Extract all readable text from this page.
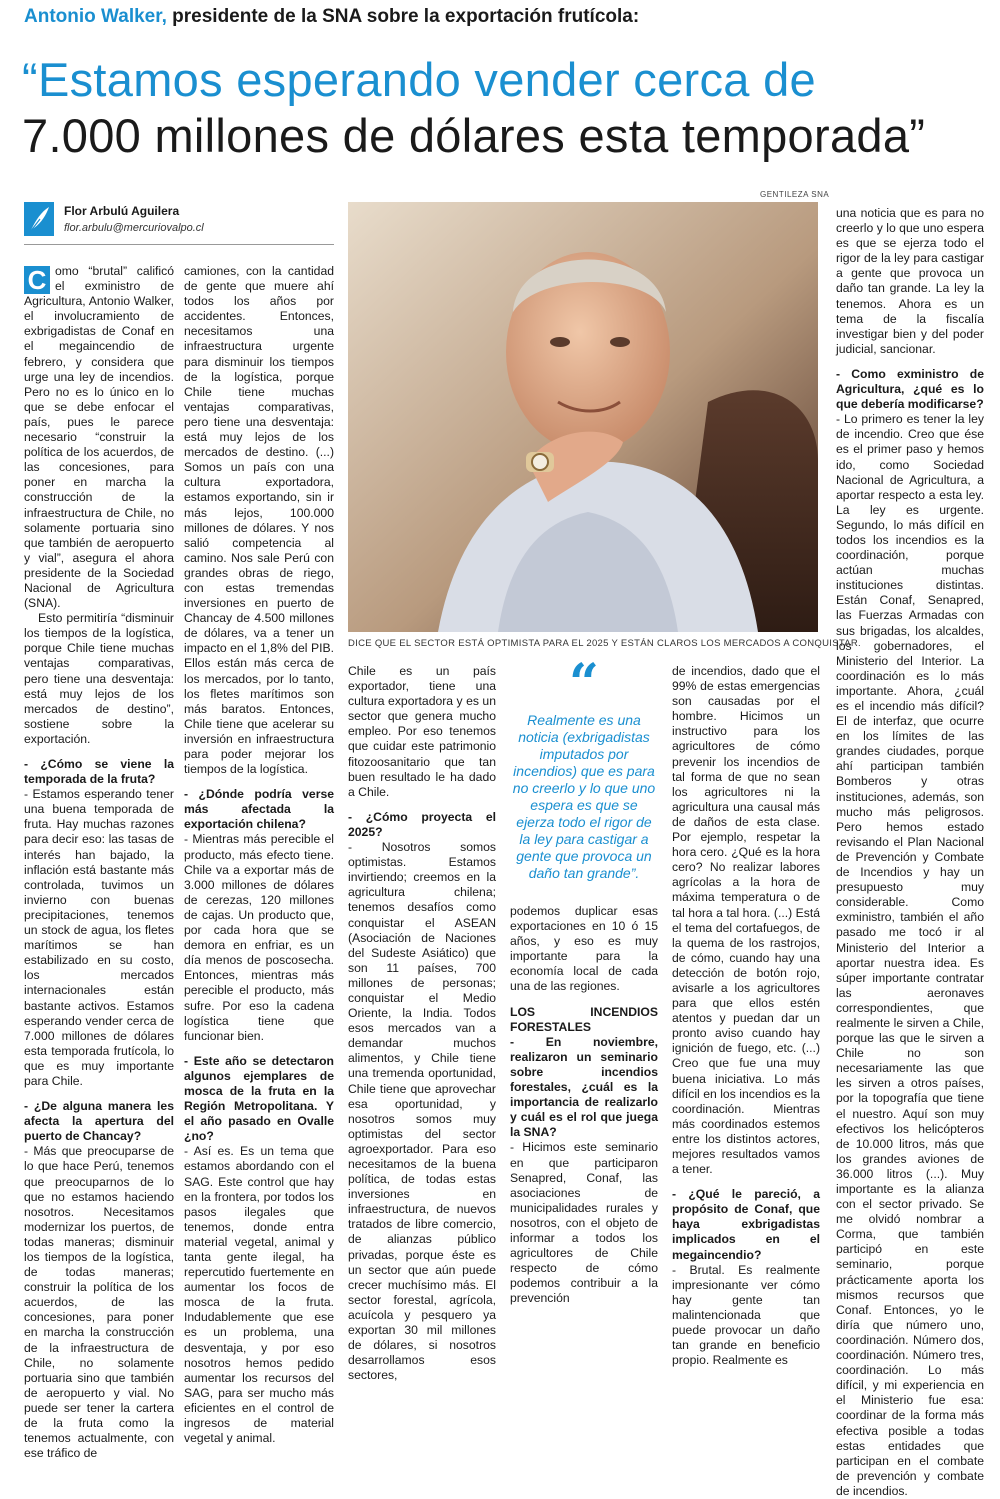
Antonio Walker, presidente de la SNA sobre la exportación frutícola:
“Estamos esperando vender cerca de
7.000 millones de dólares esta temporada”
Flor Arbulú Aguilera
flor.arbulu@mercuriovalpo.cl
GENTILEZA SNA
DICE QUE EL SECTOR ESTÁ OPTIMISTA PARA EL 2025 Y ESTÁN CLAROS LOS MERCADOS A CONQUISTAR.
“
Realmente es una noticia (exbrigadistas imputados por incendios) que es para no creerlo y lo que uno espera es que se ejerza todo el rigor de la ley para castigar a gente que provoca un daño tan grande”.

C omo “brutal” calificó el exministro de Agricultura, Antonio Walker, el involucramiento de exbrigadistas de Conaf en el megaincendio de febrero, y considera que urge una ley de incendios. Pero no es lo único en lo que se debe enfocar el país, pues le parece necesario “construir la política de los acuerdos, de las concesiones, para poner en marcha la construcción de la infraestructura de Chile, no solamente portuaria sino que también de aeropuerto y vial”, asegura el ahora presidente de la Sociedad Nacional de Agricultura (SNA).

Esto permitiría “disminuir los tiempos de la logística, porque Chile tiene muchas ventajas comparativas, pero tiene una desventaja: está muy lejos de los mercados de destino”, sostiene sobre la exportación.

- ¿Cómo se viene la temporada de la fruta?

- Estamos esperando tener una buena temporada de fruta. Hay muchas razones para decir eso: las tasas de interés han bajado, la inflación está bastante más controlada, tuvimos un invierno con buenas precipitaciones, tenemos un stock de agua, los fletes marítimos se han estabilizado en su costo, los mercados internacionales están bastante activos. Estamos esperando vender cerca de 7.000 millones de dólares esta temporada frutícola, lo que es muy importante para Chile.

- ¿De alguna manera les afecta la apertura del puerto de Chancay?

- Más que preocuparse de lo que hace Perú, tenemos que preocuparnos de lo que no estamos haciendo nosotros. Necesitamos modernizar los puertos, de todas maneras; disminuir los tiempos de la logística, de todas maneras; construir la política de los acuerdos, de las concesiones, para poner en marcha la construcción de la infraestructura de Chile, no solamente portuaria sino que también de aeropuerto y vial. No puede ser tener la cartera de la fruta como la tenemos actualmente, con ese tráfico de

camiones, con la cantidad de gente que muere ahí todos los años por accidentes. Entonces, necesitamos una infraestructura urgente para disminuir los tiempos de la logística, porque Chile tiene muchas ventajas comparativas, pero tiene una desventaja: está muy lejos de los mercados de destino. (...) Somos un país con una cultura exportadora, estamos exportando, sin ir más lejos, 100.000 millones de dólares. Y nos salió competencia al camino. Nos sale Perú con grandes obras de riego, con estas tremendas inversiones en puerto de Chancay de 4.500 millones de dólares, va a tener un impacto en el 1,8% del PIB. Ellos están más cerca de los mercados, por lo tanto, los fletes marítimos son más baratos. Entonces, Chile tiene que acelerar su inversión en infraestructura para poder mejorar los tiempos de la logística.

- ¿Dónde podría verse más afectada la exportación chilena?

- Mientras más perecible el producto, más efecto tiene. Chile va a exportar más de 3.000 millones de dólares de cerezas, 120 millones de cajas. Un producto que, por cada hora que se demora en enfriar, es un día menos de poscosecha. Entonces, mientras más perecible el producto, más sufre. Por eso la cadena logística tiene que funcionar bien.

- Este año se detectaron algunos ejemplares de mosca de la fruta en la Región Metropolitana. Y el año pasado en Ovalle ¿no?

- Así es. Es un tema que estamos abordando con el SAG. Este control que hay en la frontera, por todos los pasos ilegales que tenemos, donde entra material vegetal, animal y tanta gente ilegal, ha repercutido fuertemente en aumentar los focos de mosca de la fruta. Indudablemente que ese es un problema, una desventaja, y por eso nosotros hemos pedido aumentar los recursos del SAG, para ser mucho más eficientes en el control de ingresos de material vegetal y animal.

Chile es un país exportador, tiene una cultura exportadora y es un sector que genera mucho empleo. Por eso tenemos que cuidar este patrimonio fitozoosanitario que tan buen resultado le ha dado a Chile.

- ¿Cómo proyecta el 2025?

- Nosotros somos optimistas. Estamos invirtiendo; creemos en la agricultura chilena; tenemos desafíos como conquistar el ASEAN (Asociación de Naciones del Sudeste Asiático) que son 11 países, 700 millones de personas; conquistar el Medio Oriente, la India. Todos esos mercados van a demandar muchos alimentos, y Chile tiene una tremenda oportunidad, Chile tiene que aprovechar esa oportunidad, y nosotros somos muy optimistas del sector agroexportador. Para eso necesitamos de la buena política, de todas estas inversiones en infraestructura, de nuevos tratados de libre comercio, de alianzas público privadas, porque éste es un sector que aún puede crecer muchísimo más. El sector forestal, agrícola, acuícola y pesquero ya exportan 30 mil millones de dólares, si nosotros desarrollamos esos sectores,

podemos duplicar esas exportaciones en 10 ó 15 años, y eso es muy importante para la economía local de cada una de las regiones.

LOS INCENDIOS FORESTALES

- En noviembre, realizaron un seminario sobre incendios forestales, ¿cuál es la importancia de realizarlo y cuál es el rol que juega la SNA?

- Hicimos este seminario en que participaron Senapred, Conaf, las asociaciones de municipalidades rurales y nosotros, con el objeto de informar a todos los agricultores de Chile respecto de cómo podemos contribuir a la prevención

de incendios, dado que el 99% de estas emergencias son causadas por el hombre. Hicimos un instructivo para los agricultores de cómo prevenir los incendios de tal forma de que no sean los agricultores ni la agricultura una causal más de daños de esta clase. Por ejemplo, respetar la hora cero. ¿Qué es la hora cero? No realizar labores agrícolas a la hora de máxima temperatura o de tal hora a tal hora. (...) Está el tema del cortafuegos, de la quema de los rastrojos, de cómo, cuando hay una detección de botón rojo, avisarle a los agricultores para que ellos estén atentos y puedan dar un pronto aviso cuando hay ignición de fuego, etc. (...) Creo que fue una muy buena iniciativa. Lo más difícil en los incendios es la coordinación. Mientras más coordinados estemos entre los distintos actores, mejores resultados vamos a tener.

- ¿Qué le pareció, a propósito de Conaf, que haya exbrigadistas implicados en el megaincendio?

- Brutal. Es realmente impresionante ver cómo hay gente tan malintencionada que puede provocar un daño tan grande en beneficio propio. Realmente es

una noticia que es para no creerlo y lo que uno espera es que se ejerza todo el rigor de la ley para castigar a gente que provoca un daño tan grande. La ley la tenemos. Ahora es un tema de la fiscalía investigar bien y del poder judicial, sancionar.

- Como exministro de Agricultura, ¿qué es lo que debería modificarse?

- Lo primero es tener la ley de incendio. Creo que ése es el primer paso y hemos ido, como Sociedad Nacional de Agricultura, a aportar respecto a esta ley. La ley es urgente. Segundo, lo más difícil en todos los incendios es la coordinación, porque actúan muchas instituciones distintas. Están Conaf, Senapred, las Fuerzas Armadas con sus brigadas, los alcaldes, los gobernadores, el Ministerio del Interior. La coordinación es lo más importante. Ahora, ¿cuál es el incendio más difícil? El de interfaz, que ocurre en los límites de las grandes ciudades, porque ahí participan también Bomberos y otras instituciones, además, son mucho más peligrosos. Pero hemos estado revisando el Plan Nacional de Prevención y Combate de Incendios y hay un presupuesto muy considerable. Como exministro, también el año pasado me tocó ir al Ministerio del Interior a aportar nuestra idea. Es súper importante contratar las aeronaves correspondientes, que realmente le sirven a Chile, porque las que le sirven a Chile no son necesariamente las que les sirven a otros países, por la topografía que tiene el nuestro. Aquí son muy efectivos los helicópteros de 10.000 litros, más que los grandes aviones de 36.000 litros (...). Muy importante es la alianza con el sector privado. Se me olvidó nombrar a Corma, que también participó en este seminario, porque prácticamente aporta los mismos recursos que Conaf. Entonces, yo le diría que número uno, coordinación. Número dos, coordinación. Número tres, coordinación. Lo más difícil, y mi experiencia en el Ministerio fue esa: coordinar de la forma más efectiva posible a todas estas entidades que participan en el combate de prevención y combate de incendios.
